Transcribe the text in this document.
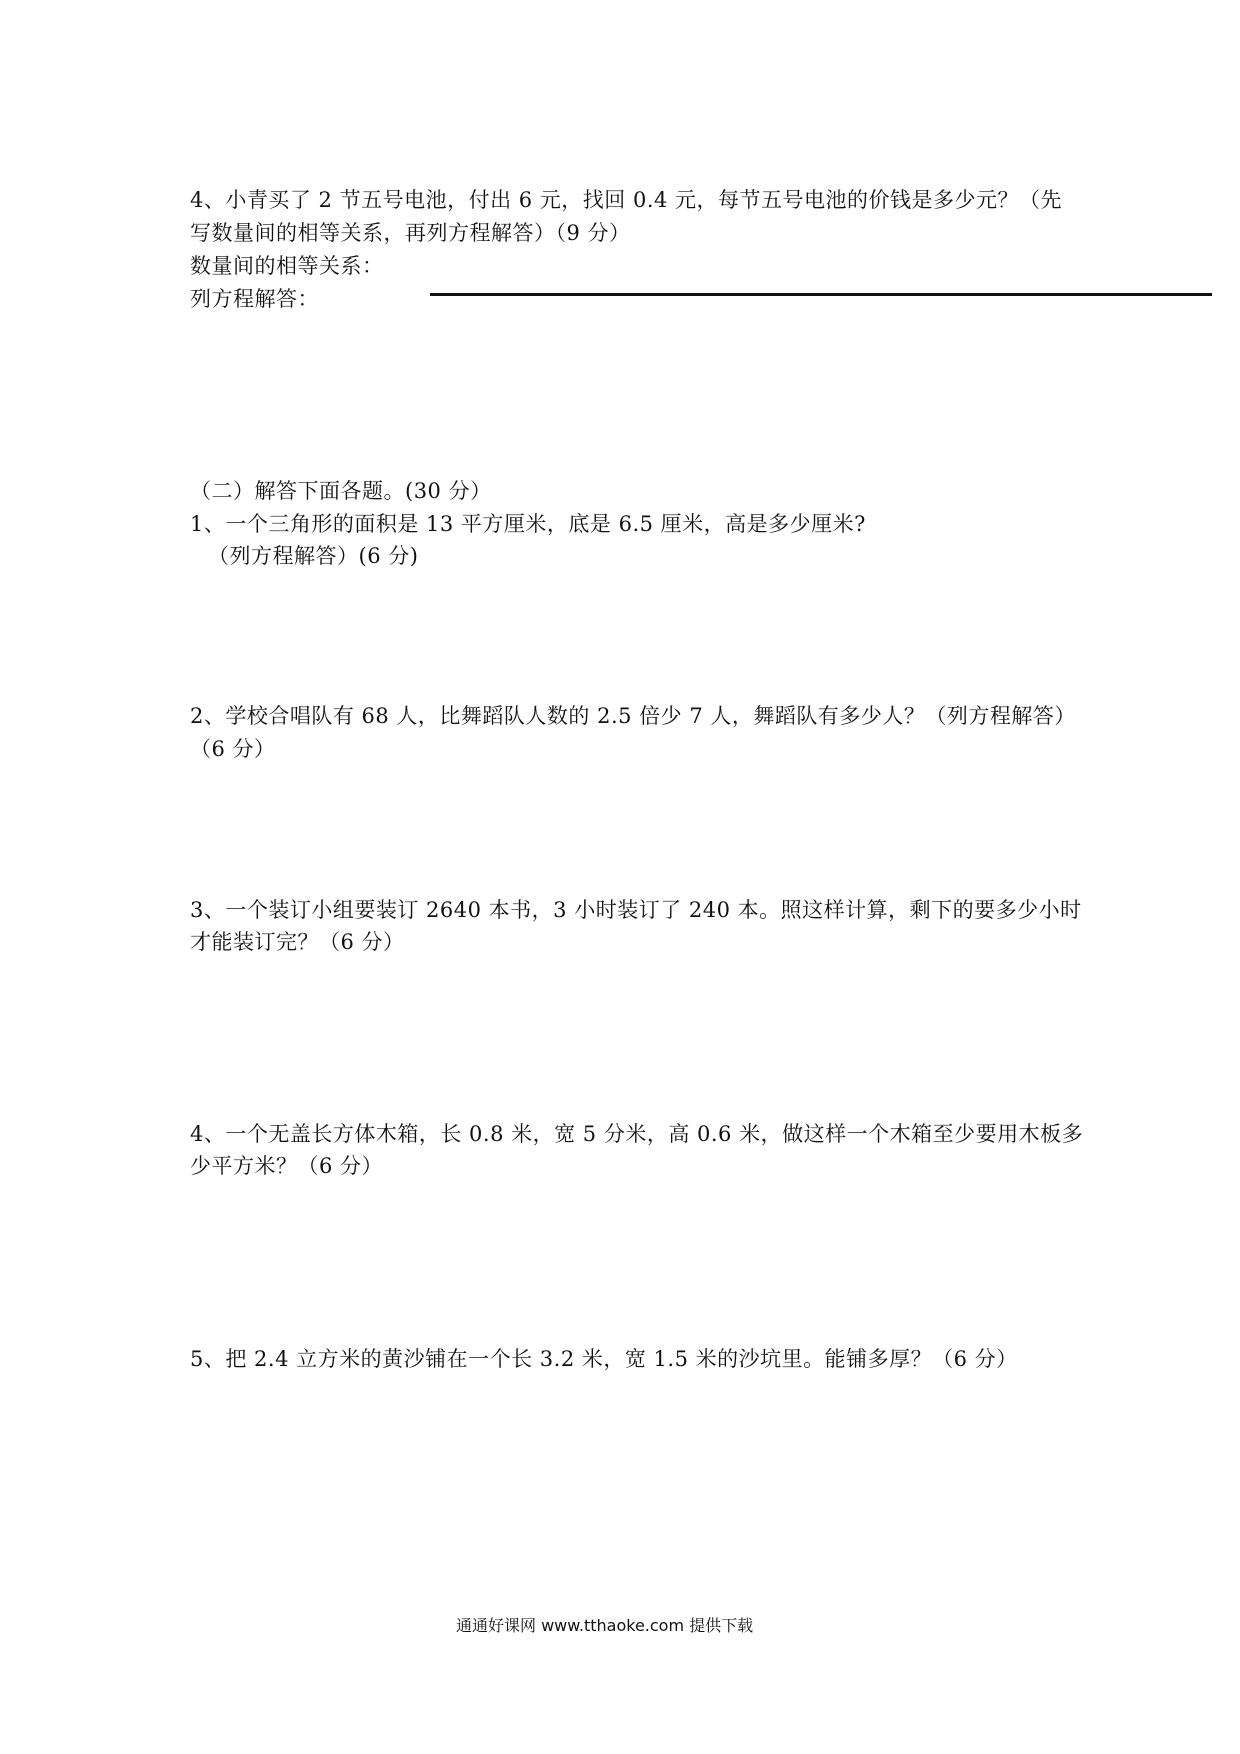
4、小青买了 2 节五号电池，付出 6 元，找回 0.4 元，每节五号电池的价钱是多少元？（先
写数量间的相等关系，再列方程解答）（9 分）
数量间的相等关系：
列方程解答：
（二）解答下面各题。(30 分）
1、一个三角形的面积是 13 平方厘米，底是 6.5 厘米，高是多少厘米?
（列方程解答）(6 分)
2、学校合唱队有 68 人，比舞蹈队人数的 2.5 倍少 7 人，舞蹈队有多少人？（列方程解答）
（6 分）
3、一个装订小组要装订 2640 本书，3 小时装订了 240 本。照这样计算，剩下的要多少小时
才能装订完？（6 分）
4、一个无盖长方体木箱，长 0.8 米，宽 5 分米，高 0.6 米，做这样一个木箱至少要用木板多
少平方米？（6 分）
5、把 2.4 立方米的黄沙铺在一个长 3.2 米，宽 1.5 米的沙坑里。能铺多厚？（6 分）
通通好课网 www.tthaoke.com 提供下载
